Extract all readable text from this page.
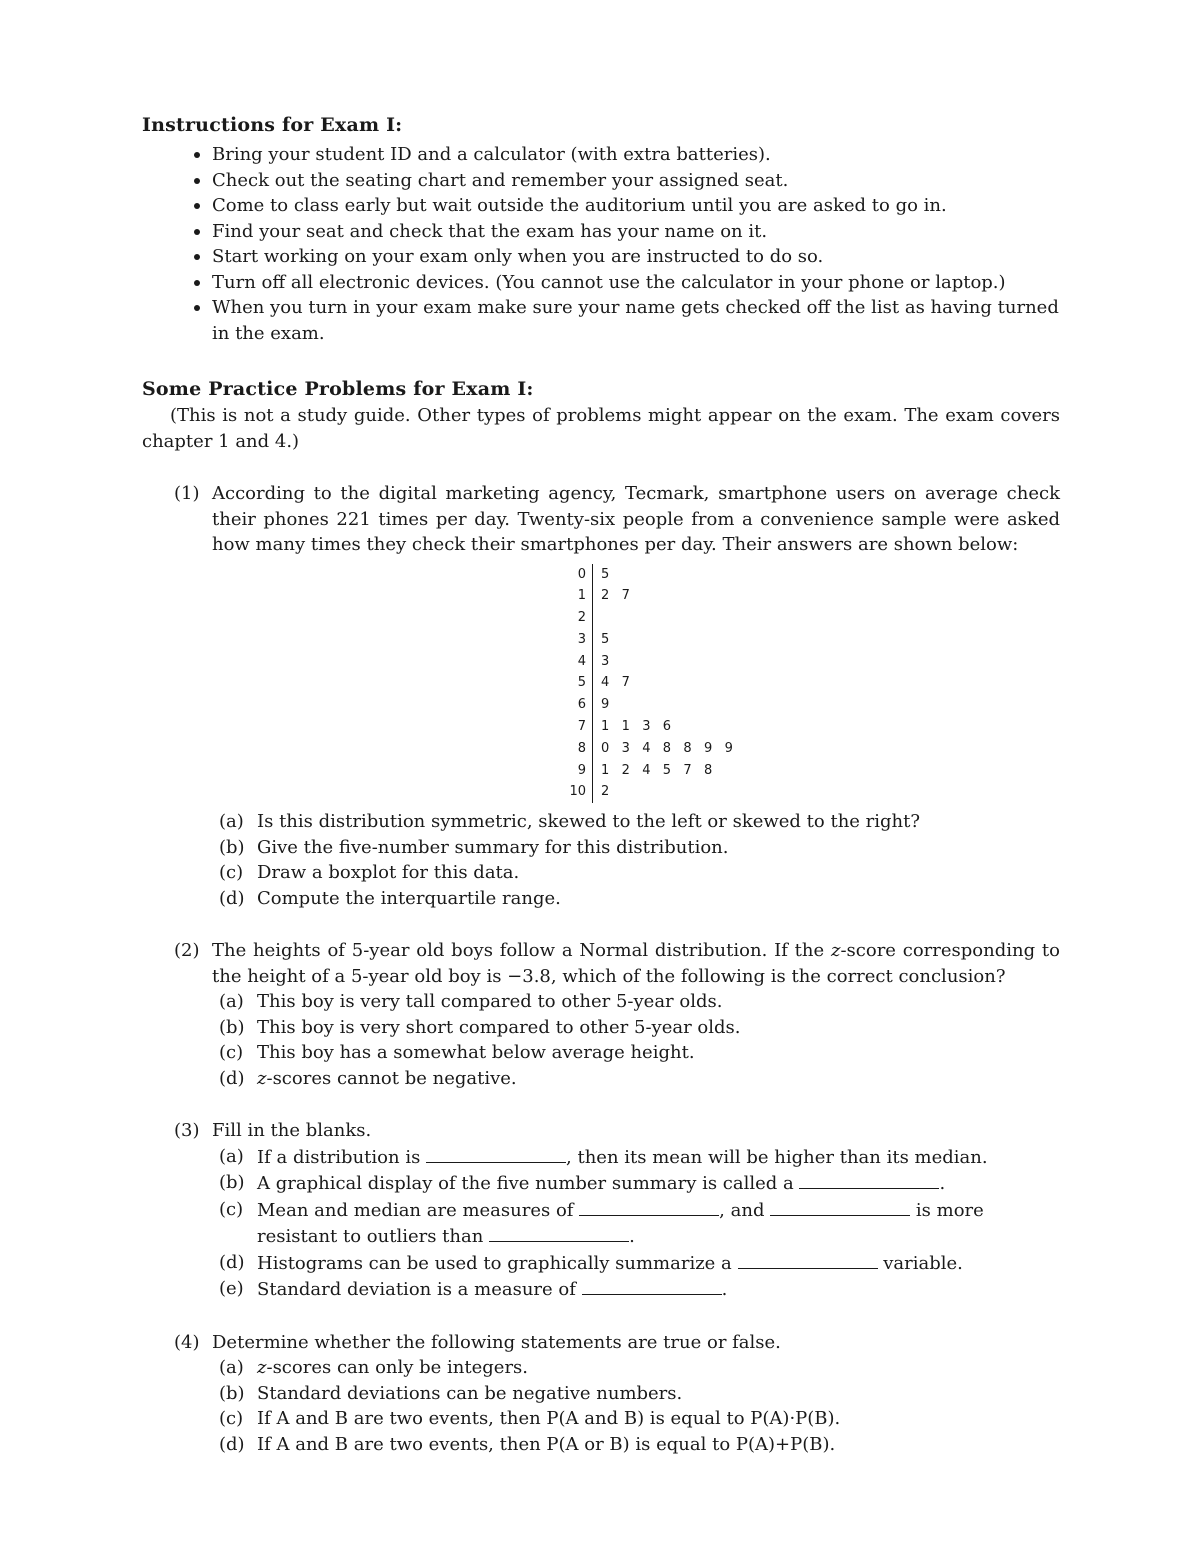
Instructions for Exam I:
Bring your student ID and a calculator (with extra batteries).
Check out the seating chart and remember your assigned seat.
Come to class early but wait outside the auditorium until you are asked to go in.
Find your seat and check that the exam has your name on it.
Start working on your exam only when you are instructed to do so.
Turn off all electronic devices. (You cannot use the calculator in your phone or laptop.)
When you turn in your exam make sure your name gets checked off the list as having turned in the exam.
Some Practice Problems for Exam I:

(This is not a study guide. Other types of problems might appear on the exam. The exam covers chapter 1 and 4.)

(1) According to the digital marketing agency, Tecmark, smartphone users on average check their phones 221 times per day. Twenty-six people from a convenience sample were asked how many times they check their smartphones per day. Their answers are shown below:

0	5
1	2 7
2	
3	5
4	3
5	4 7
6	9
7	1 1 3 6
8	0 3 4 8 8 9 9
9	1 2 4 5 7 8
10	2
(a) Is this distribution symmetric, skewed to the left or skewed to the right?
(b) Give the five-number summary for this distribution.
(c) Draw a boxplot for this data.
(d) Compute the interquartile range.
(2) The heights of 5-year old boys follow a Normal distribution. If the z-score corresponding to the height of a 5-year old boy is −3.8, which of the following is the correct conclusion?

(a) This boy is very tall compared to other 5-year olds.
(b) This boy is very short compared to other 5-year olds.
(c) This boy has a somewhat below average height.
(d) z-scores cannot be negative.
(3) Fill in the blanks.

(a) If a distribution is	, then its mean will be higher than its median.
(b) A graphical display of the five number summary is called a	.
(c) Mean and median are measures of	, and	is more resistant to outliers than	.
(d) Histograms can be used to graphically summarize a	variable.
(e) Standard deviation is a measure of	.
(4) Determine whether the following statements are true or false.

(a) z-scores can only be integers.
(b) Standard deviations can be negative numbers.
(c) If A and B are two events, then P(A and B) is equal to P(A)·P(B).
(d) If A and B are two events, then P(A or B) is equal to P(A)+P(B).
